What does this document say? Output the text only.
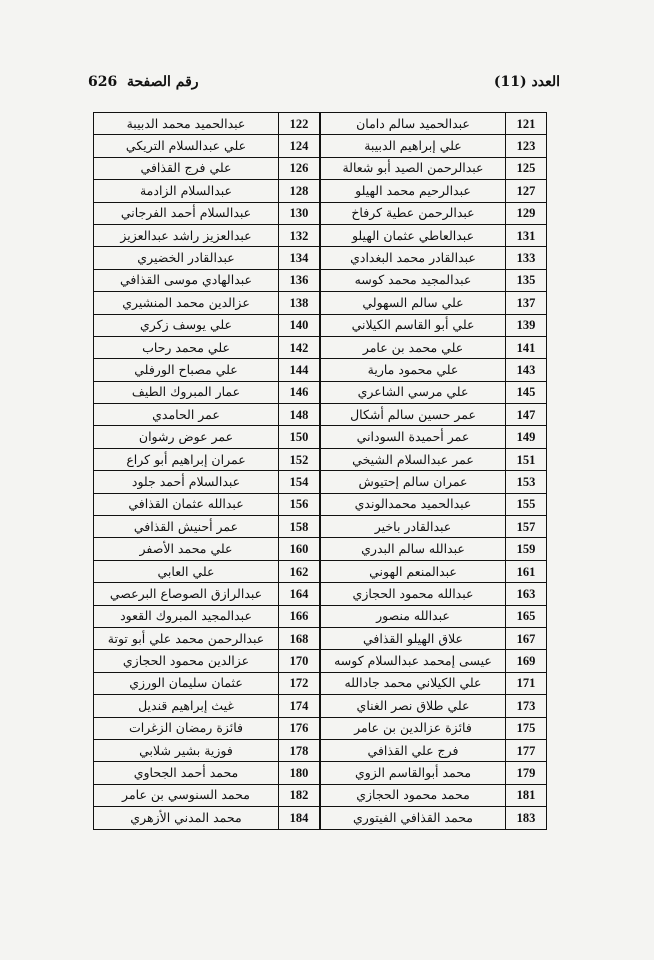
العدد (11)
رقم الصفحة  626
121	عبدالحميد سالم دامان	122	عبدالحميد محمد الدبيبة
123	علي إبراهيم الدبيبة	124	علي عبدالسلام التريكي
125	عبدالرحمن الصيد أبو شعالة	126	علي فرج القذافي
127	عبدالرحيم محمد الهيلو	128	عبدالسلام الزادمة
129	عبدالرحمن عطية كرفاخ	130	عبدالسلام أحمد الفرجاني
131	عبدالعاطي عثمان الهيلو	132	عبدالعزيز راشد عبدالعزيز
133	عبدالقادر محمد البغدادي	134	عبدالقادر الخضيري
135	عبدالمجيد محمد كوسه	136	عبدالهادي موسى القذافي
137	علي سالم السهولي	138	عزالدين محمد المنشيري
139	علي أبو القاسم الكيلاني	140	علي يوسف زكري
141	علي محمد بن عامر	142	علي محمد رحاب
143	علي محمود مارية	144	علي مصباح الورفلي
145	علي مرسي الشاعري	146	عمار المبروك الطيف
147	عمر حسين سالم أشكال	148	عمر الحامدي
149	عمر أحميدة السوداني	150	عمر عوض رشوان
151	عمر عبدالسلام الشيخي	152	عمران إبراهيم أبو كراع
153	عمران سالم إحتيوش	154	عبدالسلام أحمد جلود
155	عبدالحميد محمدالوندي	156	عبدالله عثمان القذافي
157	عبدالقادر باخير	158	عمر أحنيش القذافي
159	عبدالله سالم البدري	160	علي محمد الأصفر
161	عبدالمنعم الهوني	162	علي العابي
163	عبدالله محمود الحجازي	164	عبدالرازق الصوصاع البرعصي
165	عبدالله منصور	166	عبدالمجيد المبروك القعود
167	علاق الهيلو القذافي	168	عبدالرحمن محمد علي أبو توتة
169	عيسى إمحمد عبدالسلام كوسه	170	عزالدين محمود الحجازي
171	علي الكيلاني محمد جادالله	172	عثمان سليمان الورزي
173	علي طلاق نصر الغناي	174	غيث إبراهيم قنديل
175	فائزة عزالدين بن عامر	176	فائزة رمضان الزغرات
177	فرج علي القذافي	178	فوزية بشير شلابي
179	محمد أبوالقاسم الزوي	180	محمد أحمد الجحاوي
181	محمد محمود الحجازي	182	محمد السنوسي بن عامر
183	محمد القذافي الفيتوري	184	محمد المدني الأزهري
